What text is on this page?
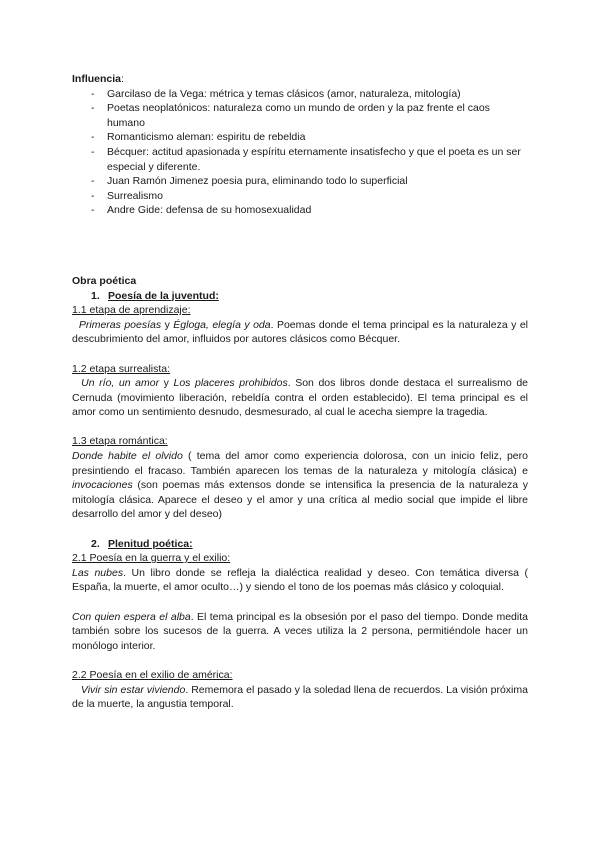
Influencia:

- Garcilaso de la Vega: métrica y temas clásicos (amor, naturaleza, mitología)
- Poetas neoplatónicos: naturaleza como un mundo de orden y la paz frente el caos humano
- Romanticismo aleman: espiritu de rebeldia
- Bécquer: actitud apasionada y espíritu eternamente insatisfecho y que el poeta es un ser especial y diferente.
- Juan Ramón Jimenez poesia pura, eliminando todo lo superficial
- Surrealismo
- Andre Gide: defensa de su homosexualidad

Obra poética

1. Poesía de la juventud:

1.1 etapa de aprendizaje:

Primeras poesías y Égloga, elegía y oda. Poemas donde el tema principal es la naturaleza y el descubrimiento del amor, influidos por autores clásicos como Bécquer.

1.2 etapa surrealista:

Un río, un amor y Los placeres prohibidos. Son dos libros donde destaca el surrealismo de Cernuda (movimiento liberación, rebeldía contra el orden establecido). El tema principal es el amor como un sentimiento desnudo, desmesurado, al cual le acecha siempre la tragedia.

1.3 etapa romántica:

Donde habite el olvido ( tema del amor como experiencia dolorosa, con un inicio feliz, pero presintiendo el fracaso. También aparecen los temas de la naturaleza y mitología clásica) e invocaciones (son poemas más extensos donde se intensifica la presencia de la naturaleza y mitología clásica. Aparece el deseo y el amor y una crítica al medio social que impide el libre desarrollo del amor y del deseo)

2. Plenitud poética:

2.1 Poesía en la guerra y el exilio:

Las nubes. Un libro donde se refleja la dialéctica realidad y deseo. Con temática diversa ( España, la muerte, el amor oculto…) y siendo el tono de los poemas más clásico y coloquial.

Con quien espera el alba. El tema principal es la obsesión por el paso del tiempo. Donde medita también sobre los sucesos de la guerra. A veces utiliza la 2 persona, permitiéndole hacer un monólogo interior.

2.2 Poesía en el exilio de américa:

Vivir sin estar viviendo. Rememora el pasado y la soledad llena de recuerdos. La visión próxima de la muerte, la angustia temporal.
